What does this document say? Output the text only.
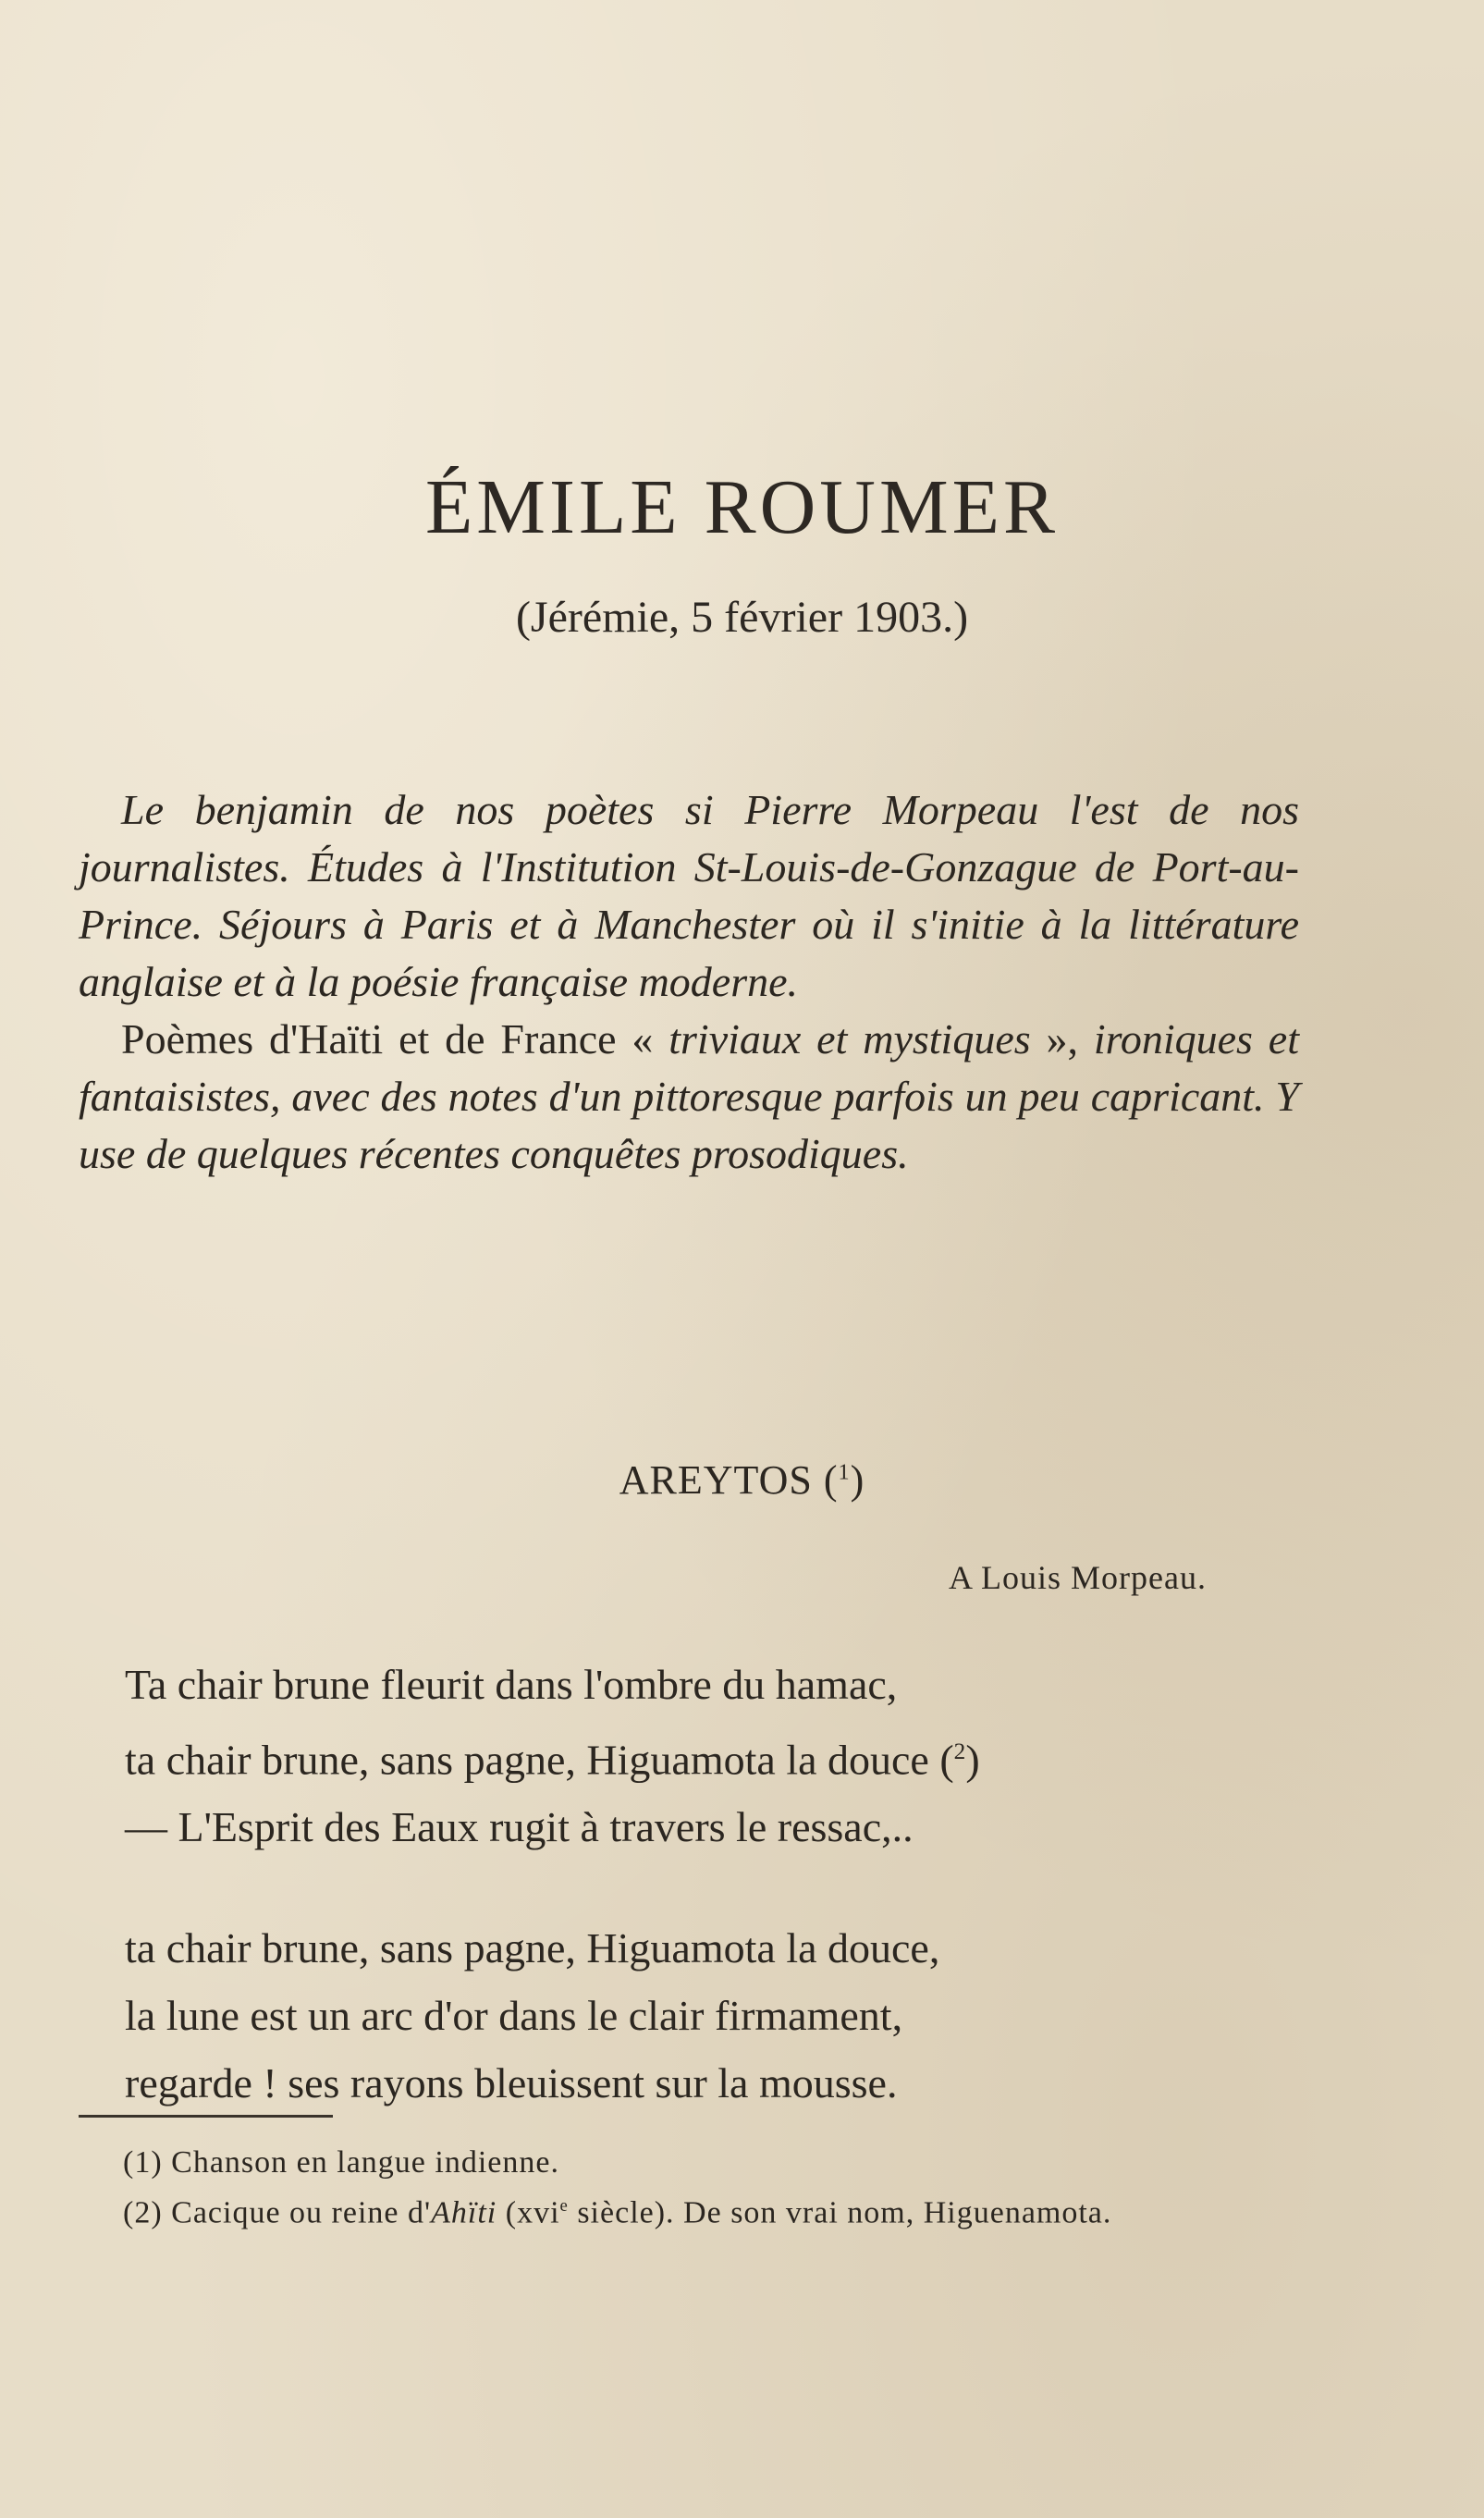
ÉMILE ROUMER
(Jérémie, 5 février 1903.)

Le benjamin de nos poètes si Pierre Morpeau l'est de nos journalistes. Études à l'Institution St-Louis-de-Gonzague de Port-au-Prince. Séjours à Paris et à Manchester où il s'initie à la littérature anglaise et à la poésie française moderne.

Poèmes d'Haïti et de France « triviaux et mystiques », ironiques et fantaisistes, avec des notes d'un pittoresque parfois un peu capricant. Y use de quelques récentes conquêtes prosodiques.

AREYTOS ($^1$)
A Louis Morpeau.
Ta chair brune fleurit dans l'ombre du hamac,
ta chair brune, sans pagne, Higuamota la douce ($^2$)
— L'Esprit des Eaux rugit à travers le ressac,..
ta chair brune, sans pagne, Higuamota la douce,
la lune est un arc d'or dans le clair firmament,
regarde ! ses rayons bleuissent sur la mousse.

(1) Chanson en langue indienne.

(2) Cacique ou reine d'Ahïti (xvi$^e$ siècle). De son vrai nom, Higuenamota.
